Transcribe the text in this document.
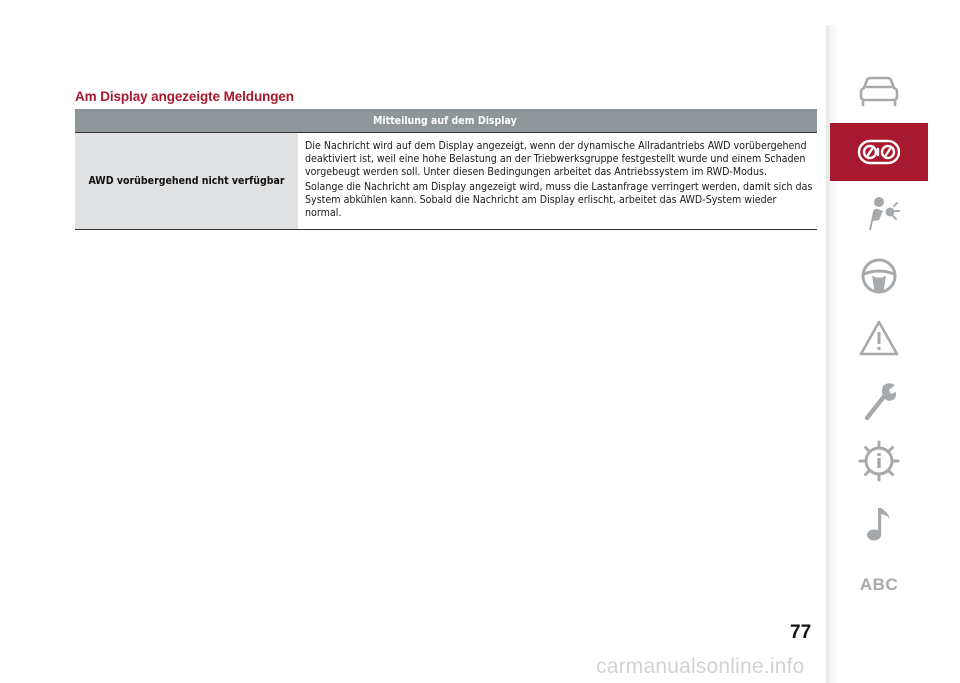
Am Display angezeigte Meldungen
Mitteilung auf dem Display
AWD vorübergehend nicht verfügbar

Die Nachricht wird auf dem Display angezeigt, wenn der dynamische Allradantriebs AWD vorübergehend deaktiviert ist, weil eine hohe Belastung an der Triebwerksgruppe festgestellt wurde und einem Schaden vorgebeugt werden soll. Unter diesen Bedingungen arbeitet das Antriebssystem im RWD-Modus.

Solange die Nachricht am Display angezeigt wird, muss die Lastanfrage verringert werden, damit sich das System abkühlen kann. Sobald die Nachricht am Display erlischt, arbeitet das AWD-System wieder normal.

ABC
77
carmanualsonline.info
